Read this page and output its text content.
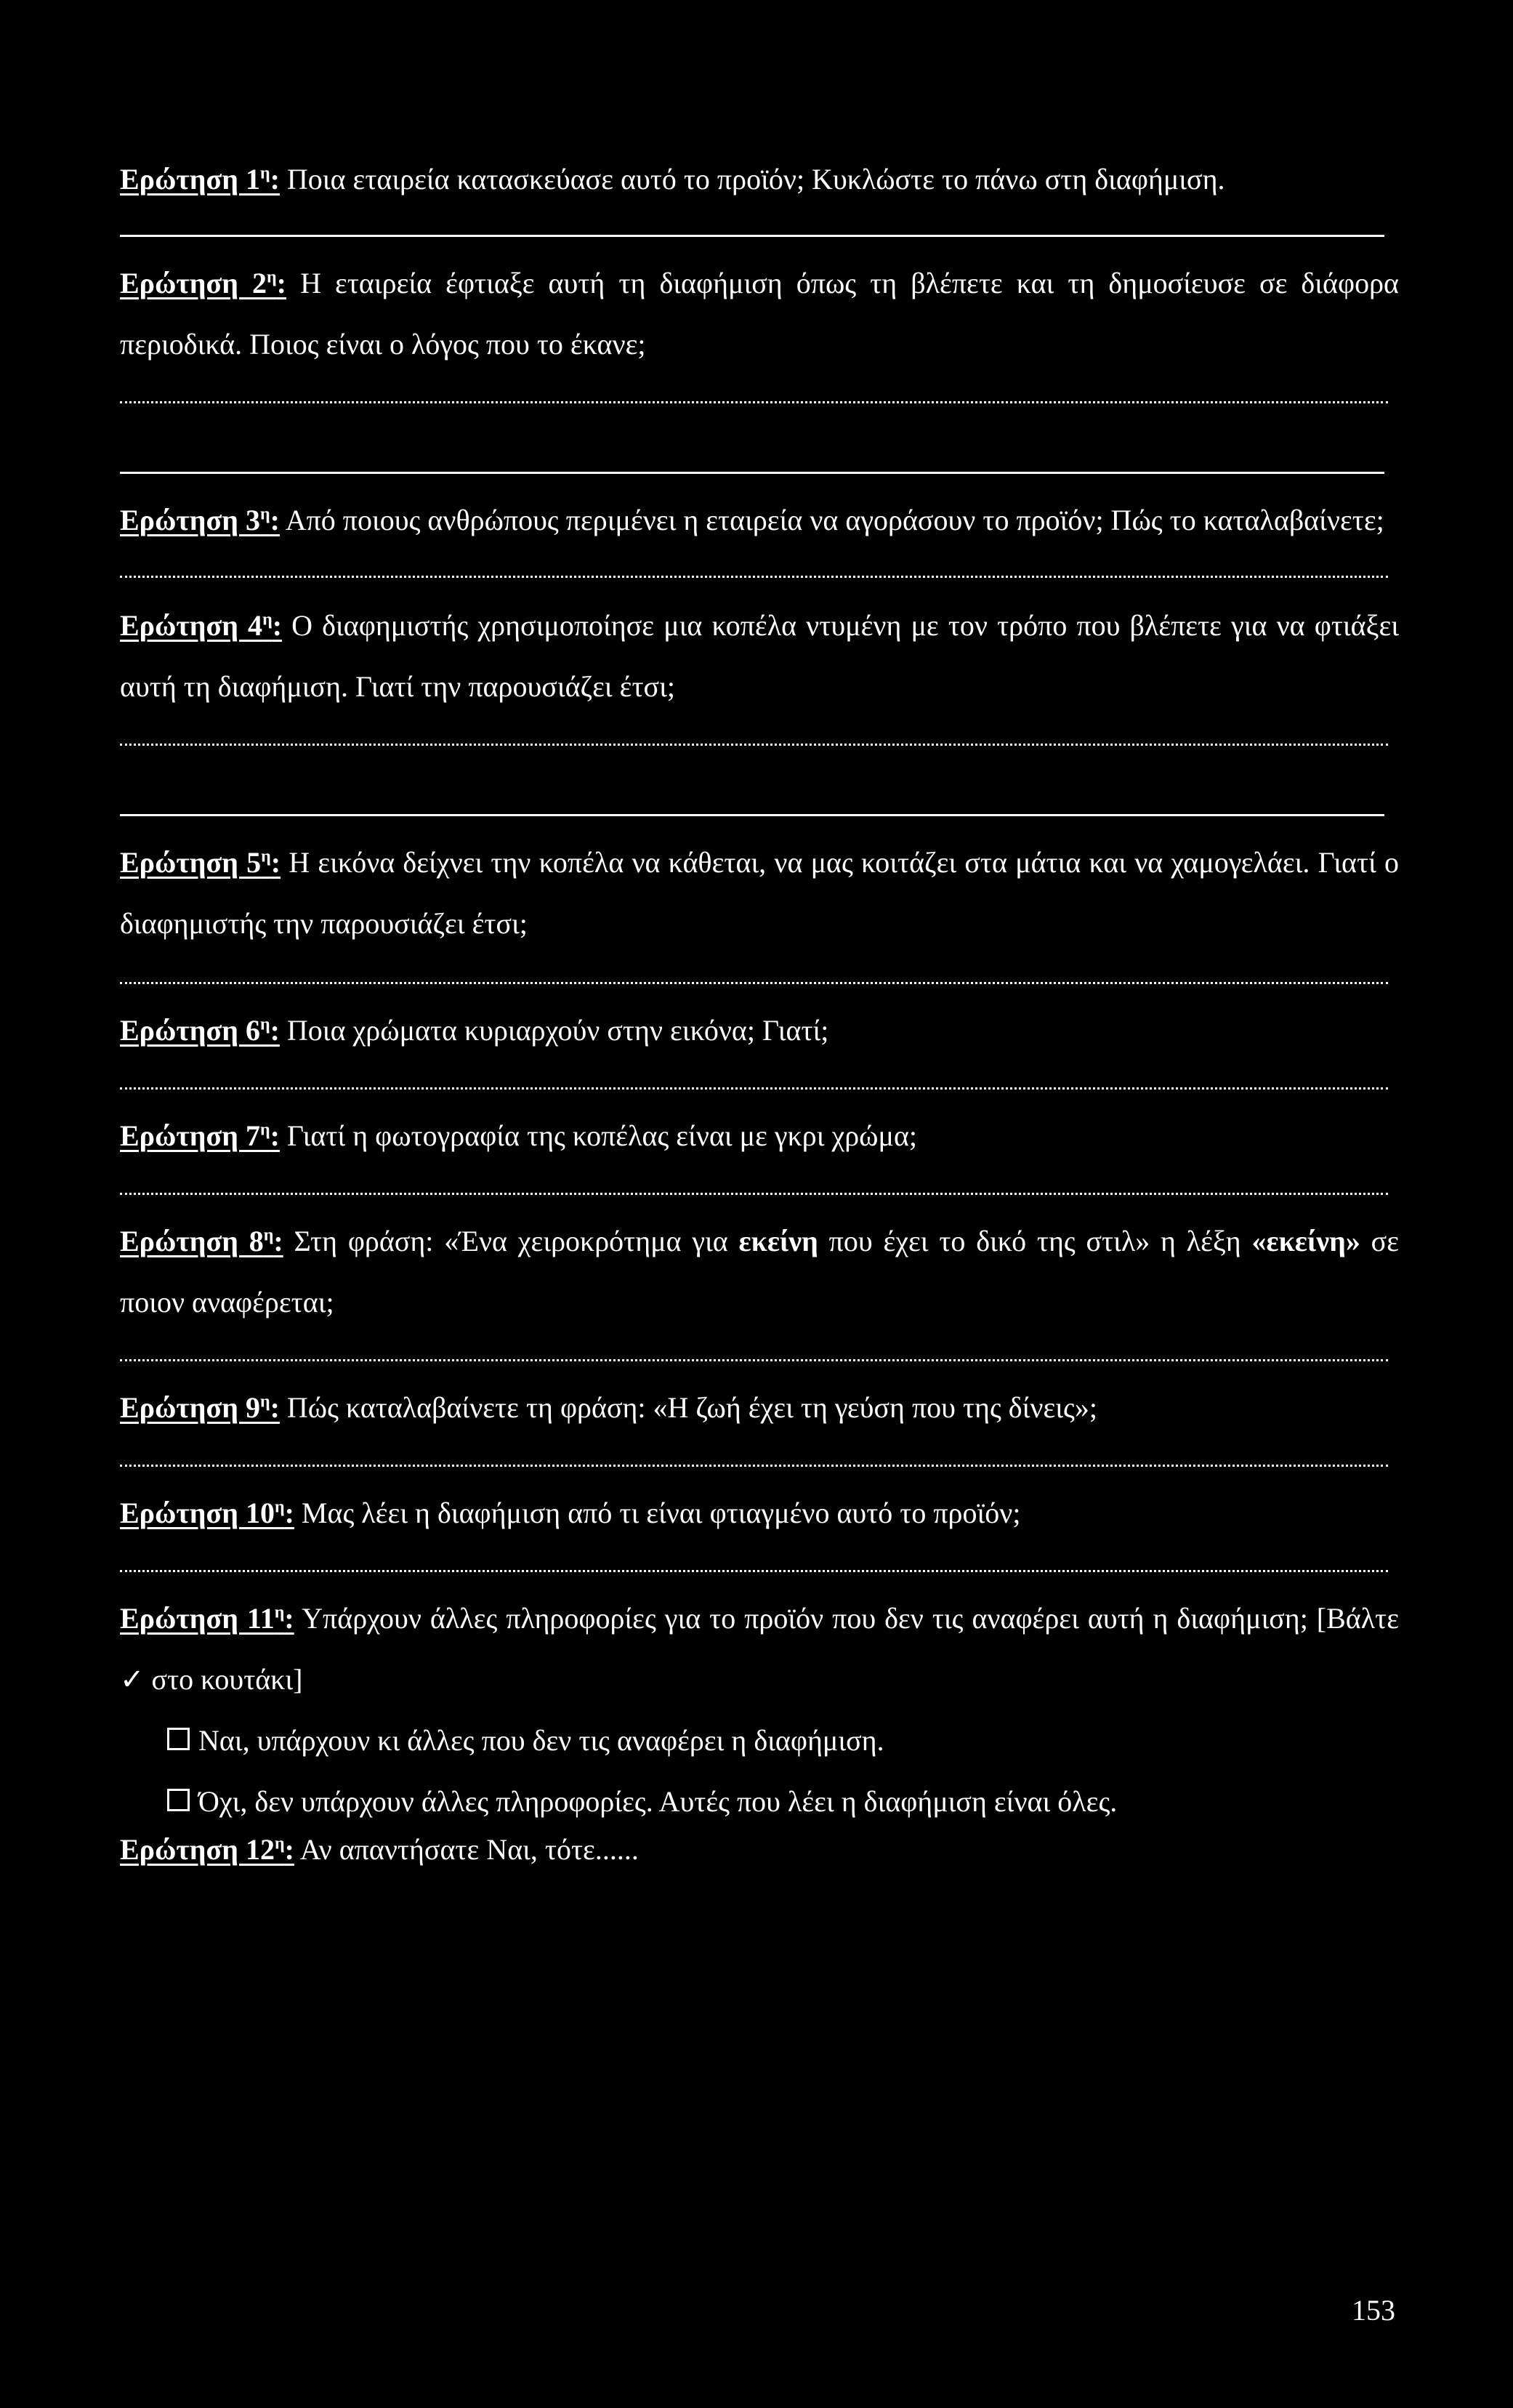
Ερώτηση $1^\eta$: Ποια εταιρεία κατασκεύασε αυτό το προϊόν; Κυκλώστε το πάνω στη διαφήμιση.

Ερώτηση $2^\eta$: Η εταιρεία έφτιαξε αυτή τη διαφήμιση όπως τη βλέπετε και τη δημοσίευσε σε διάφορα περιοδικά. Ποιος είναι ο λόγος που το έκανε;

Ερώτηση $3^\eta$: Από ποιους ανθρώπους περιμένει η εταιρεία να αγοράσουν το προϊόν; Πώς το καταλαβαίνετε;

Ερώτηση $4^\eta$: Ο διαφημιστής χρησιμοποίησε μια κοπέλα ντυμένη με τον τρόπο που βλέπετε για να φτιάξει αυτή τη διαφήμιση. Γιατί την παρουσιάζει έτσι;

Ερώτηση $5^\eta$: Η εικόνα δείχνει την κοπέλα να κάθεται, να μας κοιτάζει στα μάτια και να χαμογελάει. Γιατί ο διαφημιστής την παρουσιάζει έτσι;

Ερώτηση $6^\eta$: Ποια χρώματα κυριαρχούν στην εικόνα; Γιατί;

Ερώτηση $7^\eta$: Γιατί η φωτογραφία της κοπέλας είναι με γκρι χρώμα;

Ερώτηση $8^\eta$: Στη φράση: «Ένα χειροκρότημα για εκείνη που έχει το δικό της στιλ» η λέξη «εκείνη» σε ποιον αναφέρεται;

Ερώτηση $9^\eta$: Πώς καταλαβαίνετε τη φράση: «Η ζωή έχει τη γεύση που της δίνεις»;

Ερώτηση $10^\eta$: Μας λέει η διαφήμιση από τι είναι φτιαγμένο αυτό το προϊόν;

Ερώτηση $11^\eta$: Υπάρχουν άλλες πληροφορίες για το προϊόν που δεν τις αναφέρει αυτή η διαφήμιση; [Βάλτε ✓ στο κουτάκι]

Ναι, υπάρχουν κι άλλες που δεν τις αναφέρει η διαφήμιση.

Όχι, δεν υπάρχουν άλλες πληροφορίες. Αυτές που λέει η διαφήμιση είναι όλες.

Ερώτηση $12^\eta$: Αν απαντήσατε Ναι, τότε......

153
